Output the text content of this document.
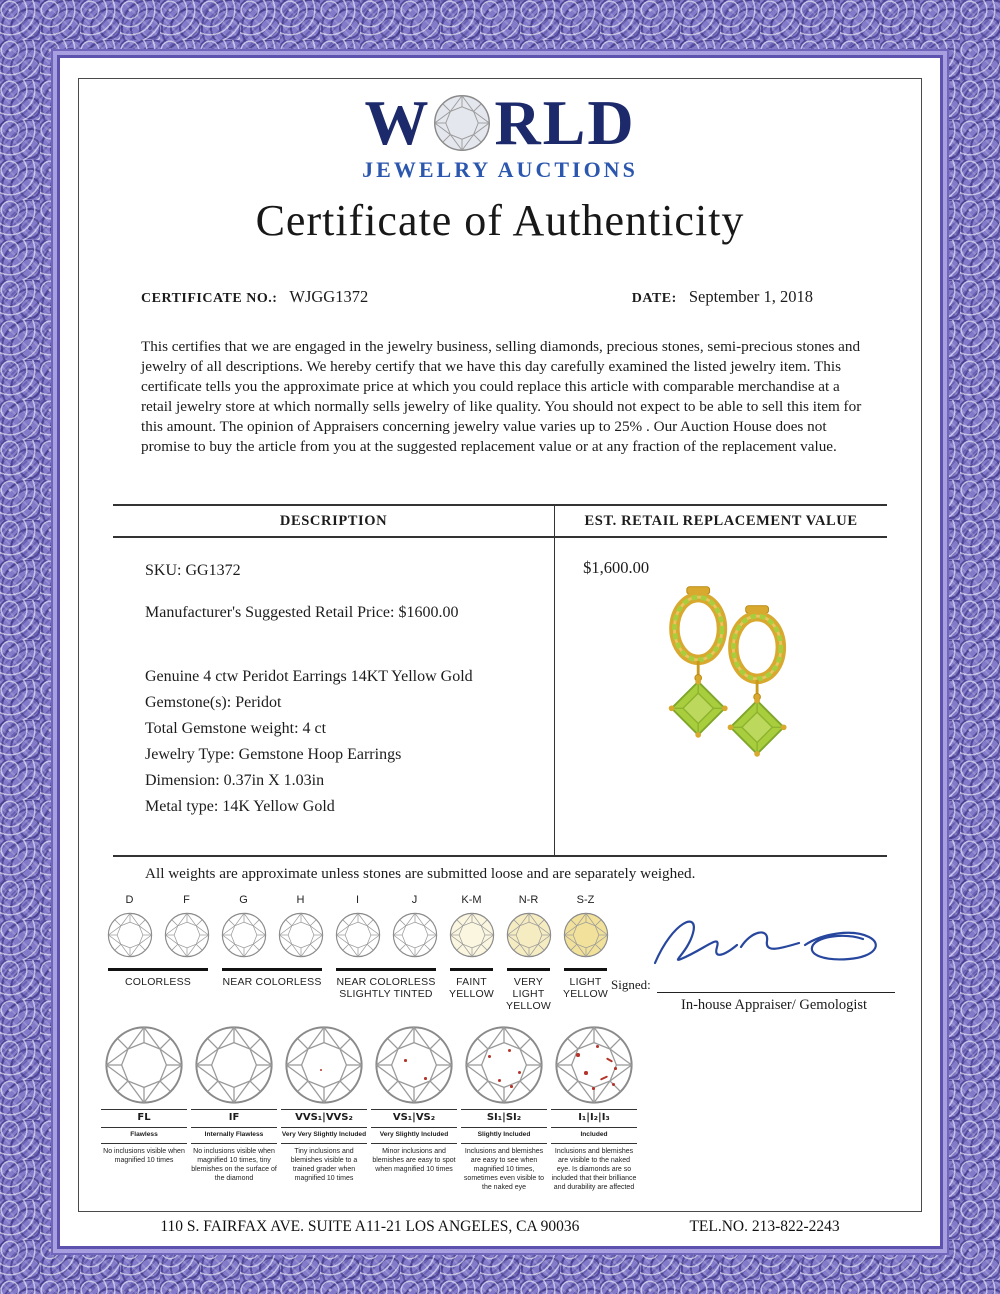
W RLD
JEWELRY AUCTIONS
Certificate of Authenticity
CERTIFICATE NO.: WJGG1372	DATE: September 1, 2018
This certifies that we are engaged in the jewelry business, selling diamonds, precious stones, semi-precious stones and jewelry of all descriptions. We hereby certify that we have this day carefully examined the listed jewelry item. This certificate tells you the approximate price at which you could replace this article with comparable merchandise at a retail jewelry store at which normally sells jewelry of like quality. You should not expect to be able to sell this item for this amount. The opinion of Appraisers concerning jewelry value varies up to 25% . Our Auction House does not promise to buy the article from you at the suggested replacement value or at any fraction of the replacement value.
DESCRIPTION
SKU: GG1372
Manufacturer's Suggested Retail Price: $1600.00
Genuine 4 ctw Peridot Earrings 14KT Yellow Gold
Gemstone(s): Peridot
Total Gemstone weight: 4 ct
Jewelry Type: Gemstone Hoop Earrings
Dimension: 0.37in X 1.03in
Metal type: 14K Yellow Gold
EST. RETAIL REPLACEMENT VALUE
$1,600.00
All weights are approximate unless stones are submitted loose and are separately weighed.
D	F	G	H	I	J	K-M	N-R	S-Z
COLORLESS	NEAR COLORLESS	NEAR COLORLESS SLIGHTLY TINTED
FAINT YELLOW
VERY LIGHT YELLOW
LIGHT YELLOW
Signed:
In-house Appraiser/ Gemologist
FL
Flawless
No inclusions visible when magnified 10 times
IF
Internally Flawless
No inclusions visible when magnified 10 times, tiny blemishes on the surface of the diamond
VVS₁|VVS₂
Very Very Slightly Included
Tiny inclusions and blemishes visible to a trained grader when magnified 10 times
VS₁|VS₂
Very Slightly Included
Minor inclusions and blemishes are easy to spot when magnified 10 times
SI₁|SI₂
Slightly Included
Inclusions and blemishes are easy to see when magnified 10 times, sometimes even visible to the naked eye
I₁|I₂|I₃
Included
Inclusions and blemishes are visible to the naked eye. Is diamonds are so included that their brilliance and durability are affected
110 S. FAIRFAX AVE. SUITE A11-21 LOS ANGELES, CA 90036	TEL.NO. 213-822-2243
